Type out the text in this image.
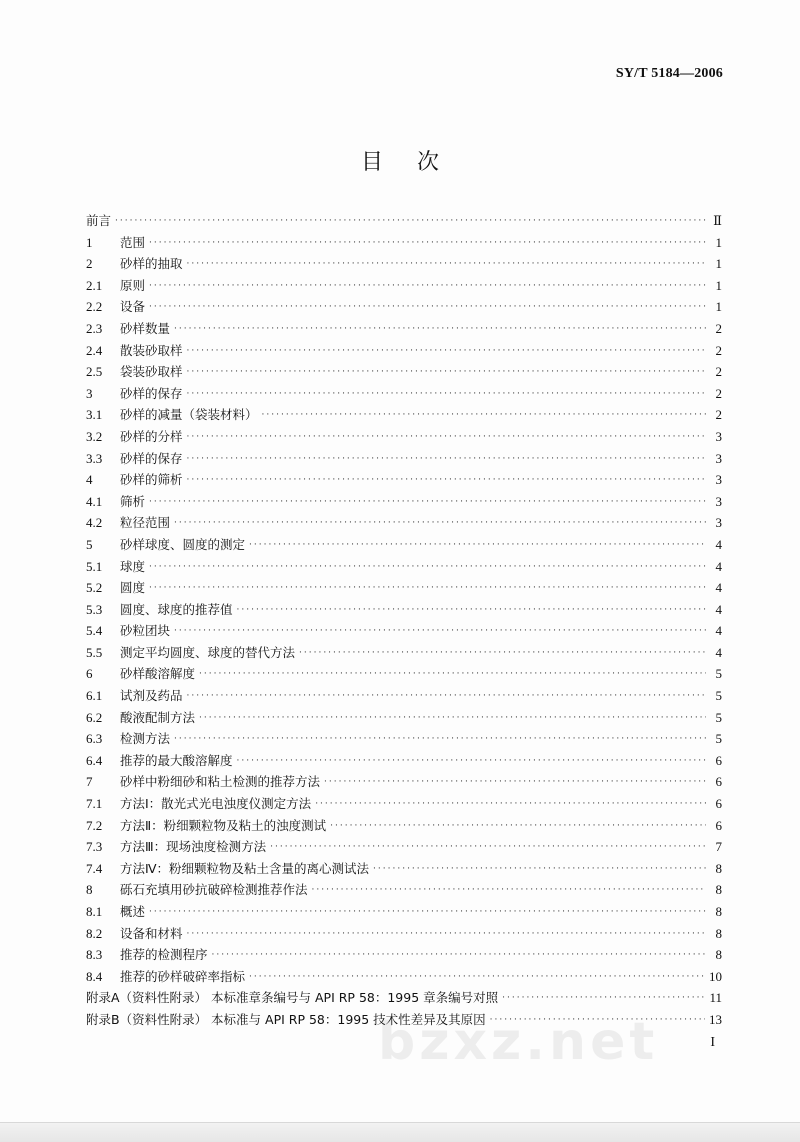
SY/T 5184—2006
目次
前言 ·····	Ⅱ
1	范围 ·····	1
2	砂样的抽取 ·····	1
2.1	原则 ·····	1
2.2	设备 ·····	1
2.3	砂样数量 ·····	2
2.4	散装砂取样 ·····	2
2.5	袋装砂取样 ·····	2
3	砂样的保存 ·····	2
3.1	砂样的减量（袋装材料） ·····	2
3.2	砂样的分样 ·····	3
3.3	砂样的保存 ·····	3
4	砂样的筛析 ·····	3
4.1	筛析 ·····	3
4.2	粒径范围 ·····	3
5	砂样球度、圆度的测定 ·····	4
5.1	球度 ·····	4
5.2	圆度 ·····	4
5.3	圆度、球度的推荐值 ·····	4
5.4	砂粒团块 ·····	4
5.5	测定平均圆度、球度的替代方法 ·····	4
6	砂样酸溶解度 ·····	5
6.1	试剂及药品 ·····	5
6.2	酸液配制方法 ·····	5
6.3	检测方法 ·····	5
6.4	推荐的最大酸溶解度 ·····	6
7	砂样中粉细砂和粘土检测的推荐方法 ·····	6
7.1	方法Ⅰ：散光式光电浊度仪测定方法 ·····	6
7.2	方法Ⅱ：粉细颗粒物及粘土的浊度测试 ·····	6
7.3	方法Ⅲ：现场浊度检测方法 ·····	7
7.4	方法Ⅳ：粉细颗粒物及粘土含量的离心测试法 ·····	8
8	砾石充填用砂抗破碎检测推荐作法 ·····	8
8.1	概述 ·····	8
8.2	设备和材料 ·····	8
8.3	推荐的检测程序 ·····	8
8.4	推荐的砂样破碎率指标 ·····	10
附录A（资料性附录） 本标准章条编号与 API RP 58：1995 章条编号对照 ·····	11
附录B（资料性附录） 本标准与 API RP 58：1995 技术性差异及其原因 ·····	13
I
bzxz.net
